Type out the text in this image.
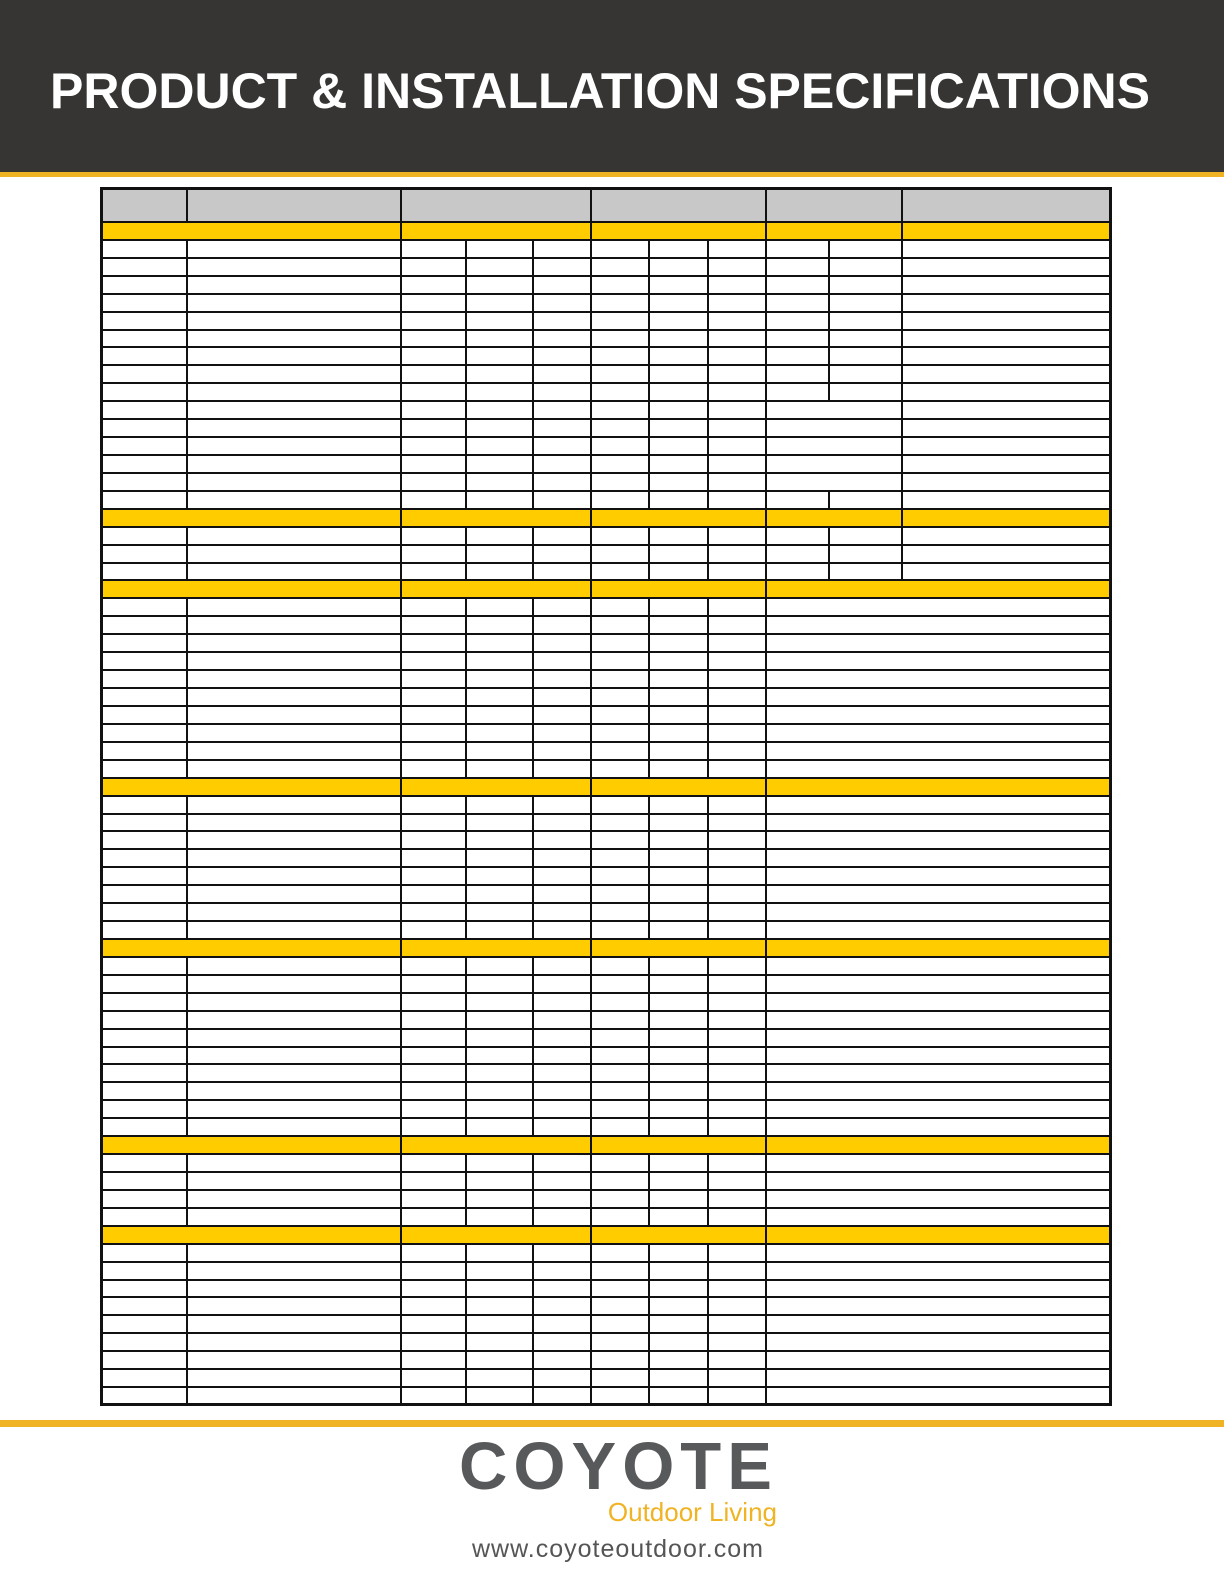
PRODUCT & INSTALLATION SPECIFICATIONS
COYOTE
Outdoor Living
www.coyoteoutdoor.com
